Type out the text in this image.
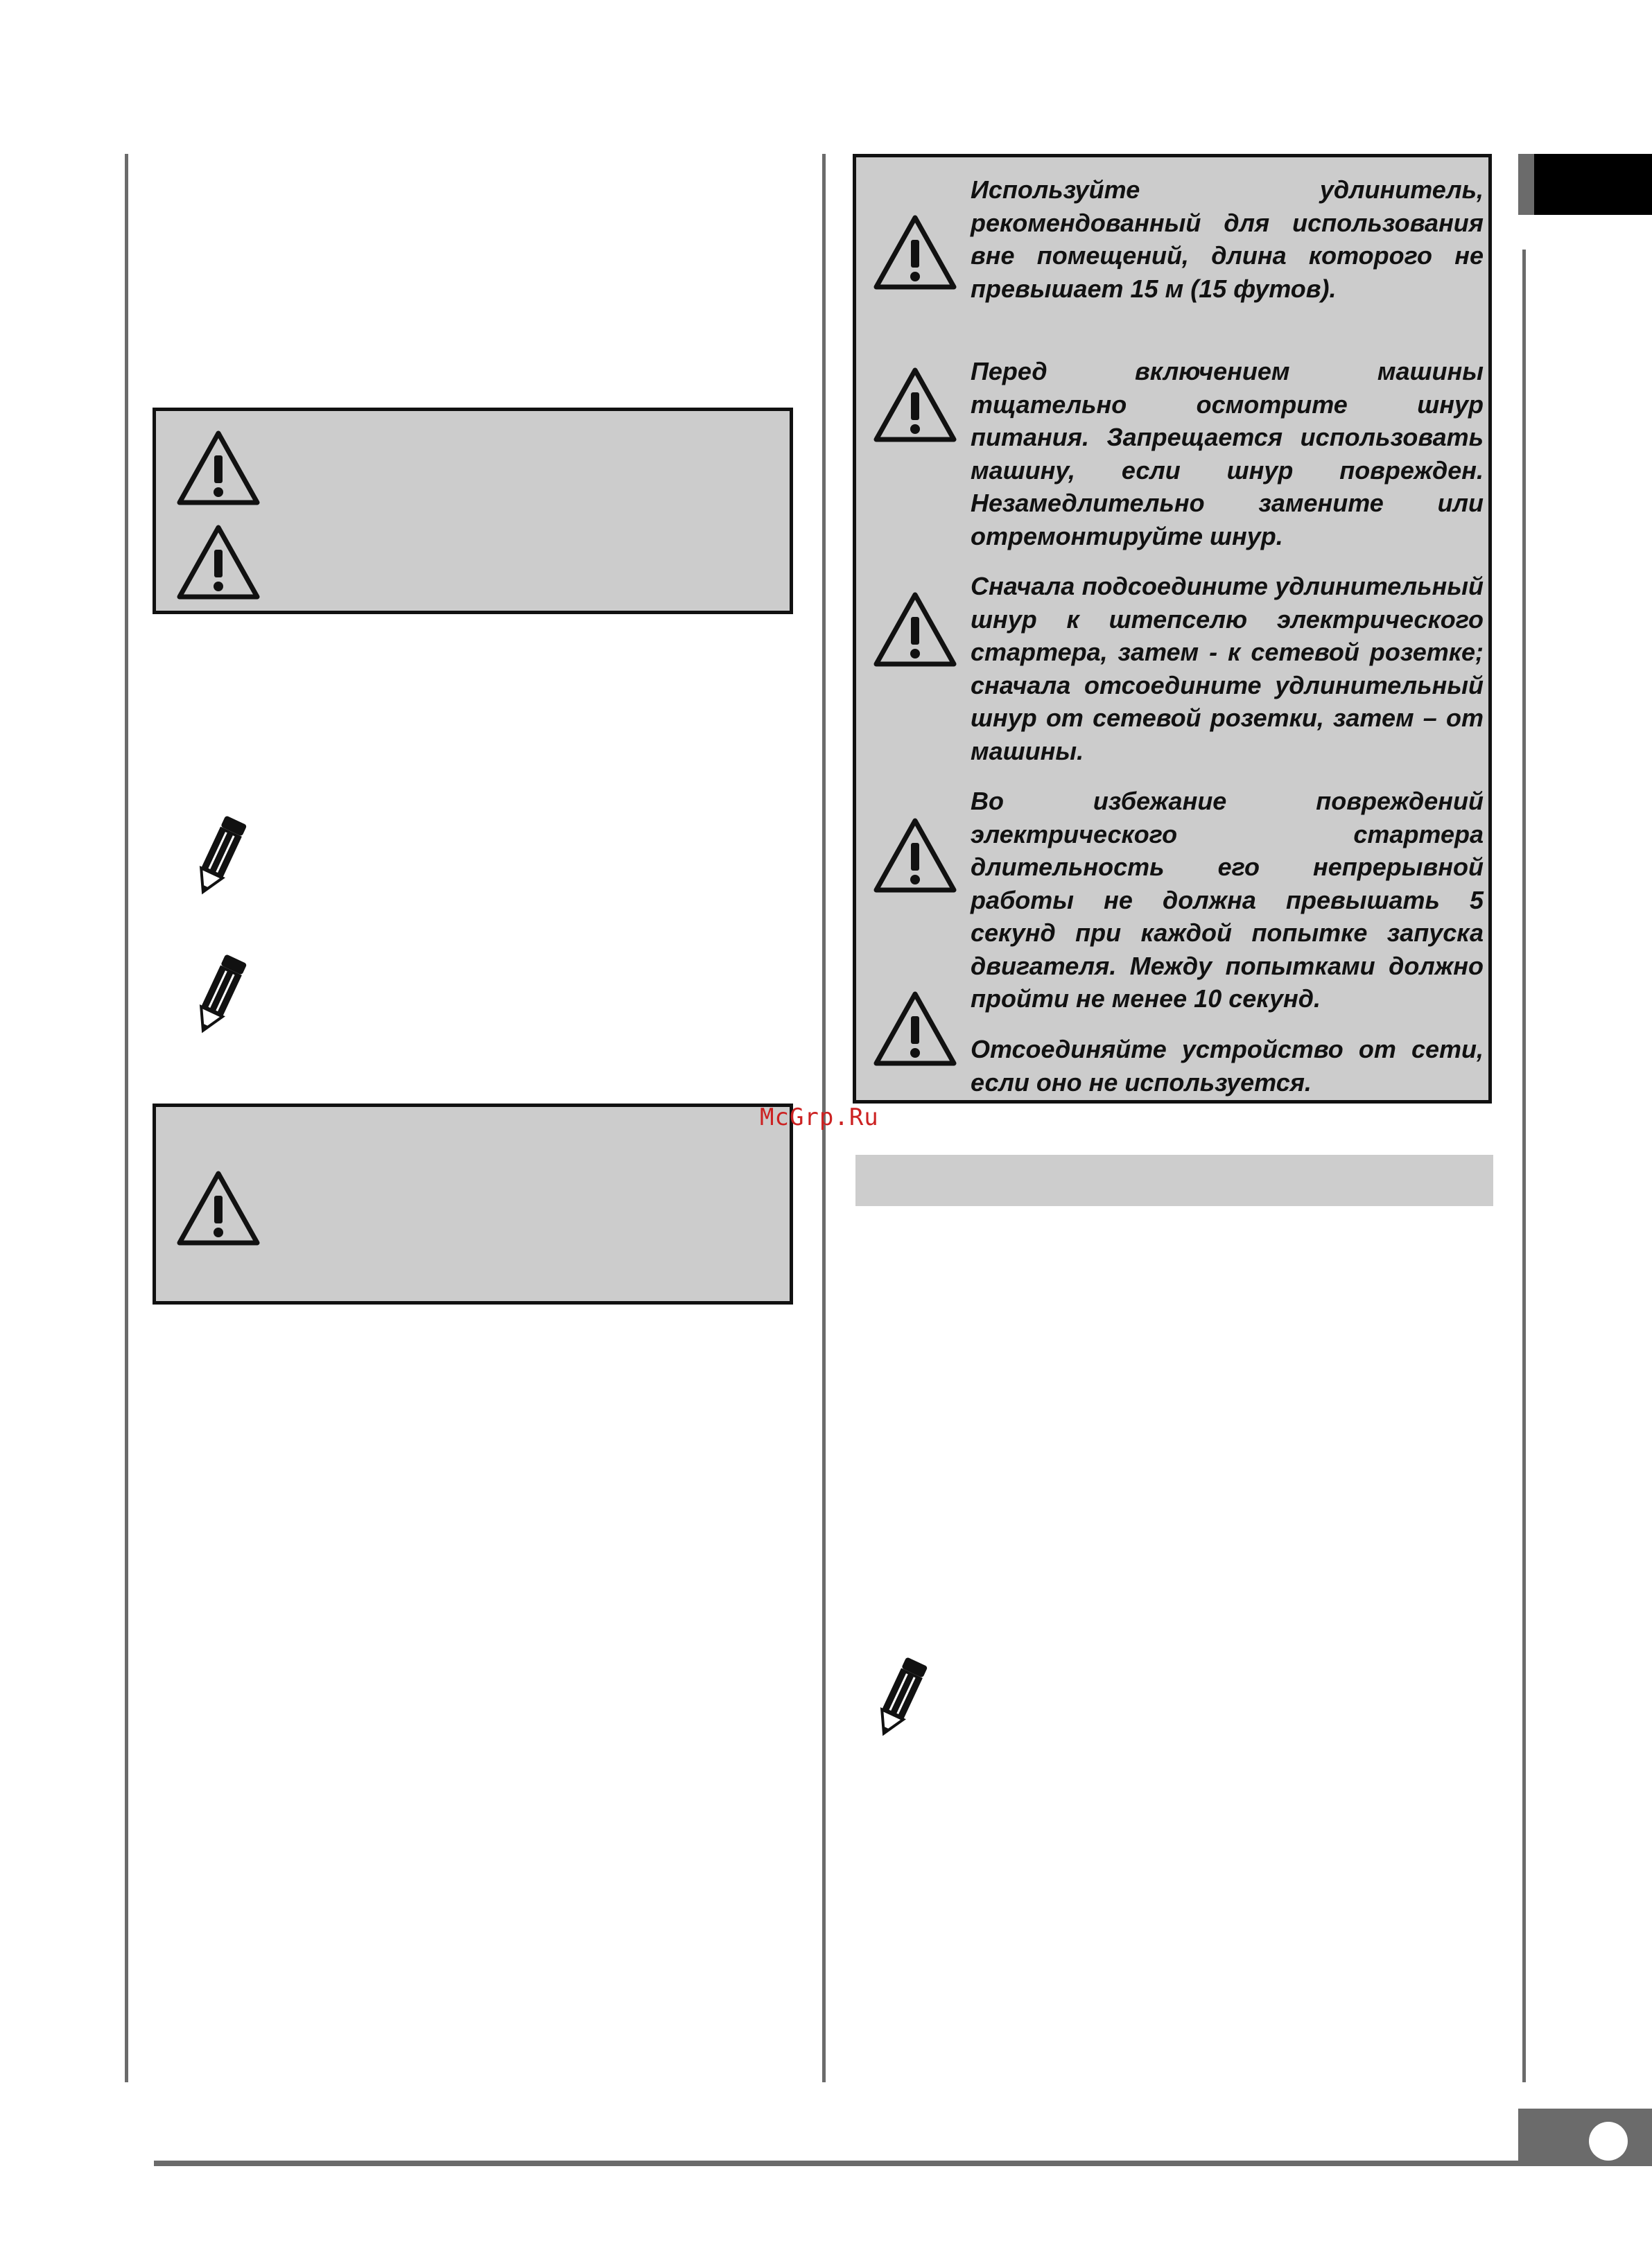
Используйте удлинитель, рекомендованный для использования вне помещений, длина которого не превышает 15 м (15 футов).

Перед включением машины тщательно осмотрите шнур питания. Запрещается использовать машину, если шнур поврежден. Незамедлительно замените или отремонтируйте шнур.

Сначала подсоедините удлинительный шнур к штепселю электрического стартера, затем - к сетевой розетке; сначала отсоедините удлинительный шнур от сетевой розетки, затем – от машины.

Во избежание повреждений электрического стартера длительность его непрерывной работы не должна превышать 5 секунд при каждой попытке запуска двигателя. Между попытками должно пройти не менее 10 секунд.

Отсоединяйте устройство от сети, если оно не используется.

McGrp.Ru
